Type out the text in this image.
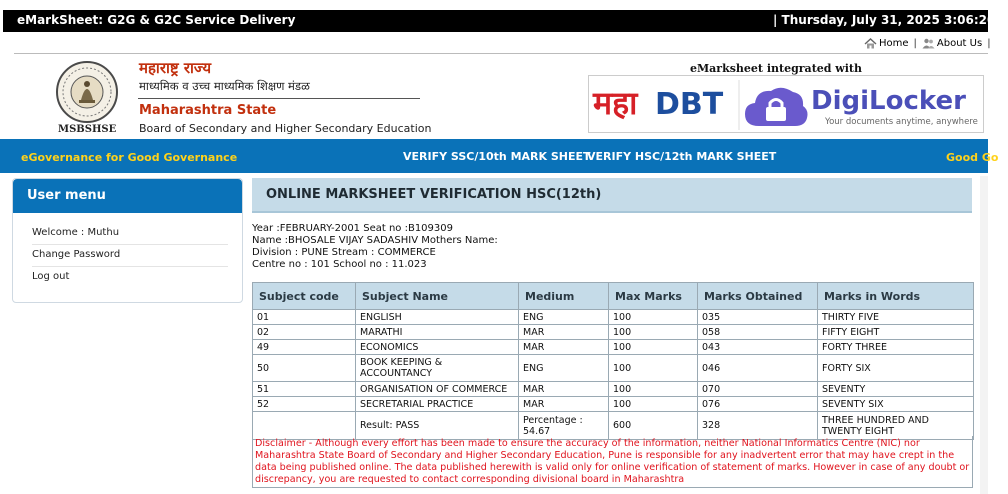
eMarkSheet: G2G & G2C Service Delivery	| Thursday, July 31, 2025 3:06:20 P
Home | About Us |
MSBSHSE
महाराष्ट्र राज्य
माध्यमिक व उच्च माध्यमिक शिक्षण मंडळ
Maharashtra State
Board of Secondary and Higher Secondary Education
eMarksheet integrated with
महा DBT	DigiLocker
Your documents anytime, anywhere
eGovernance for Good Governance	VERIFY SSC/10th MARK SHEET
VERIFY HSC/12th MARK SHEET	Good Go
User menu
Welcome : Muthu
Change Password
Log out
ONLINE MARKSHEET VERIFICATION HSC(12th)
Year :FEBRUARY-2001 Seat no :B109309
Name :BHOSALE VIJAY SADASHIV Mothers Name:
Division : PUNE Stream : COMMERCE
Centre no : 101 School no : 11.023
Subject code	Subject Name	Medium	Max Marks	Marks Obtained	Marks in Words
01	ENGLISH	ENG	100	035	THIRTY FIVE
02	MARATHI	MAR	100	058	FIFTY EIGHT
49	ECONOMICS	MAR	100	043	FORTY THREE
50	BOOK KEEPING & ACCOUNTANCY	ENG	100	046	FORTY SIX
51	ORGANISATION OF COMMERCE	MAR	100	070	SEVENTY
52	SECRETARIAL PRACTICE	MAR	100	076	SEVENTY SIX
	Result: PASS	Percentage : 54.67	600	328	THREE HUNDRED AND TWENTY EIGHT
Disclaimer - Although every effort has been made to ensure the accuracy of the information, neither National Informatics Centre (NIC) nor Maharashtra State Board of Secondary and Higher Secondary Education, Pune is responsible for any inadvertent error that may have crept in the data being published online. The data published herewith is valid only for online verification of statement of marks. However in case of any doubt or discrepancy, you are requested to contact corresponding divisional board in Maharashtra
